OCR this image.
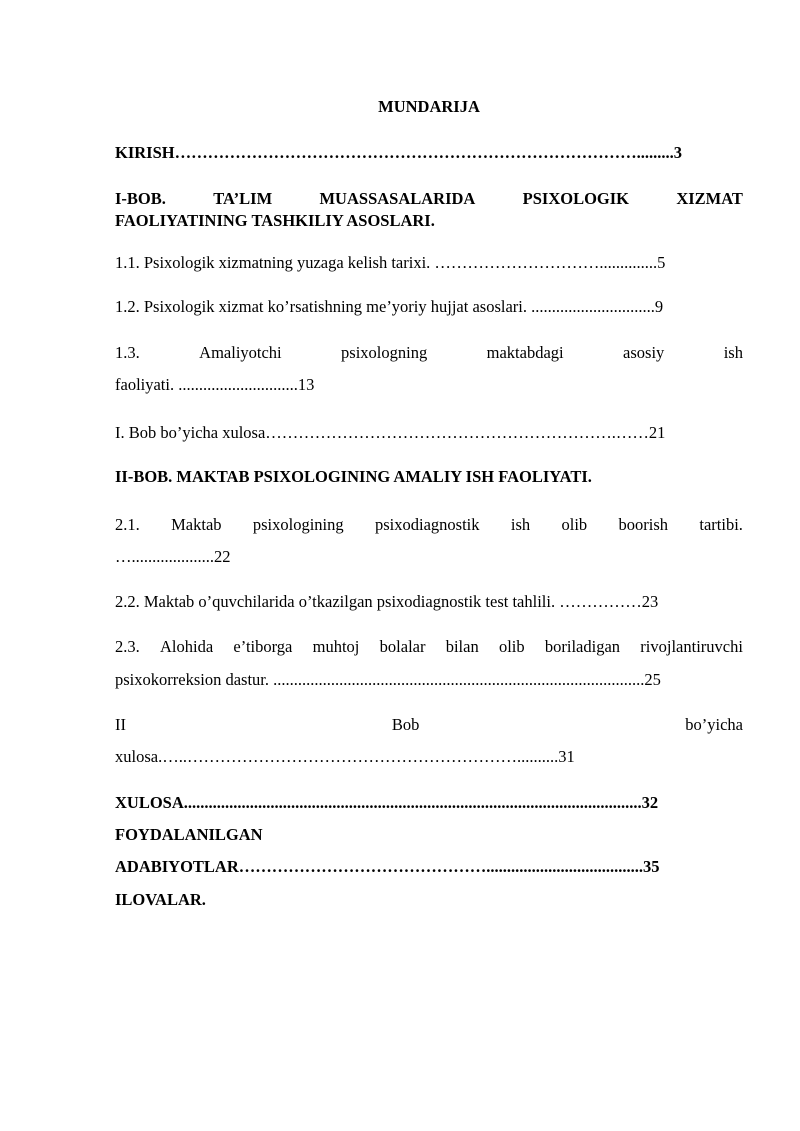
MUNDARIJA
KIRISH………………………………………………………………………….........3
I-BOB.	TA’LIM	MUASSASALARIDA	PSIXOLOGIK	XIZMAT
FAOLIYATINING TASHKILIY ASOSLARI.
1.1. Psixologik xizmatning yuzaga kelish tarixi. …………………………..............5
1.2. Psixologik xizmat ko’rsatishning me’yoriy hujjat asoslari. ..............................9
1.3.	Amaliyotchi	psixologning	maktabdagi	asosiy	ish
faoliyati. .............................13
I. Bob bo’yicha xulosa……………………………………………………….……21
II-BOB. MAKTAB PSIXOLOGINING AMALIY ISH FAOLIYATI.
2.1. Maktab psixologining psixodiagnostik ish olib boorish tartibi.
…....................22
2.2. Maktab o’quvchilarida o’tkazilgan psixodiagnostik test tahlili. ……………23
2.3. Alohida e’tiborga muhtoj bolalar bilan olib boriladigan rivojlantiruvchi
psixokorreksion dastur. ..........................................................................................25
II	Bob	bo’yicha
xulosa.…..……………………………………………………..........31
XULOSA...............................................................................................................32
FOYDALANILGAN
ADABIYOTLAR………………………………………......................................35
ILOVALAR.
